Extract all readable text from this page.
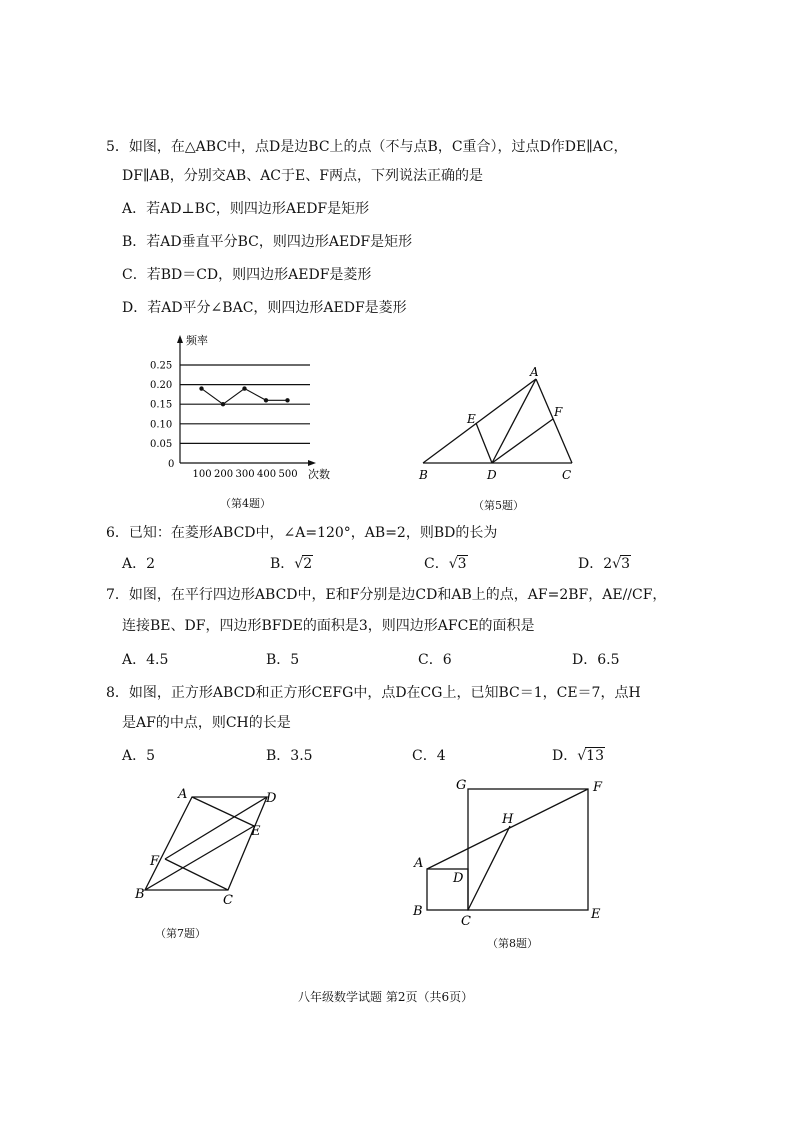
5．如图，在△ABC中，点D是边BC上的点（不与点B，C重合），过点D作DE∥AC，
DF∥AB，分别交AB、AC于E、F两点，下列说法正确的是
A．若AD⊥BC，则四边形AEDF是矩形
B．若AD垂直平分BC，则四边形AEDF是矩形
C．若BD＝CD，则四边形AEDF是菱形
D．若AD平分∠BAC，则四边形AEDF是菱形
频率
次数
0
0.25
0.20
0.15
0.10
0.05
100 200 300 400 500
（第4题）
A
B	C
D
E	F
（第5题）
6．已知：在菱形ABCD中，∠A=120°，AB=2，则BD的长为
A．2	B．√2	C．√3	D．2√3
7．如图，在平行四边形ABCD中，E和F分别是边CD和AB上的点，AF=2BF，AE//CF，
连接BE、DF，四边形BFDE的面积是3，则四边形AFCE的面积是
A．4.5	B．5	C．6	D．6.5
8．如图，正方形ABCD和正方形CEFG中，点D在CG上，已知BC＝1，CE＝7，点H
是AF的中点，则CH的长是
A．5	B．3.5	C．4	D．√13
A	D
E
F
B	C
（第7题）
G	F
H
A
D
B
C	E
（第8题）
八年级数学试题 第2页（共6页）
